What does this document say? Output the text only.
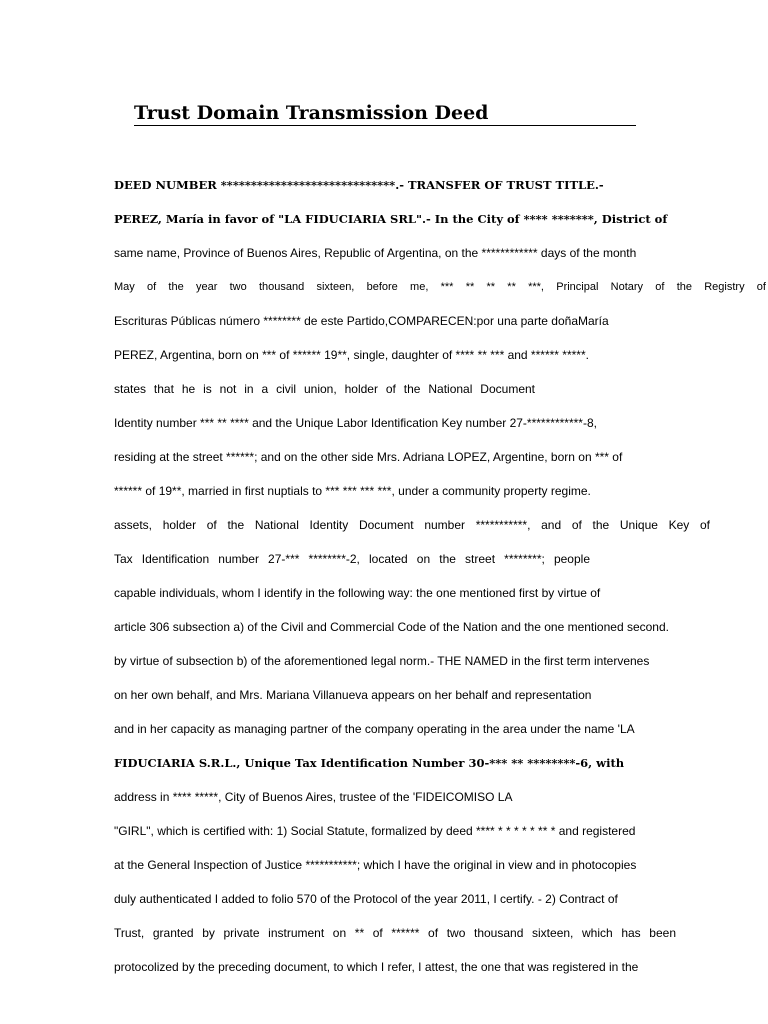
Trust Domain Transmission Deed

DEED NUMBER *****************************.- TRANSFER OF TRUST TITLE.-

PEREZ, María in favor of "LA FIDUCIARIA SRL".- In the City of **** *******, District of

same name, Province of Buenos Aires, Republic of Argentina, on the ************ days of the month

May of the year two thousand sixteen, before me, *** ** ** ** ***, Principal Notary of the Registry of

Escrituras Públicas número ******** de este Partido,COMPARECEN:por una parte doñaMaría

PEREZ, Argentina, born on *** of ****** 19**, single, daughter of **** ** *** and ****** *****.

states that he is not in a civil union, holder of the National Document

Identity number *** ** **** and the Unique Labor Identification Key number 27-************-8,

residing at the street ******; and on the other side Mrs. Adriana LOPEZ, Argentine, born on *** of

****** of 19**, married in first nuptials to *** *** *** ***, under a community property regime.

assets, holder of the National Identity Document number ***********, and of the Unique Key of

Tax Identification number 27-*** ********-2, located on the street ********; people

capable individuals, whom I identify in the following way: the one mentioned first by virtue of

article 306 subsection a) of the Civil and Commercial Code of the Nation and the one mentioned second.

by virtue of subsection b) of the aforementioned legal norm.- THE NAMED in the first term intervenes

on her own behalf, and Mrs. Mariana Villanueva appears on her behalf and representation

and in her capacity as managing partner of the company operating in the area under the name 'LA

FIDUCIARIA S.R.L., Unique Tax Identification Number 30-*** ** ********-6, with

address in **** *****, City of Buenos Aires, trustee of the 'FIDEICOMISO LA

"GIRL", which is certified with: 1) Social Statute, formalized by deed **** * * * * * ** * and registered

at the General Inspection of Justice ***********; which I have the original in view and in photocopies

duly authenticated I added to folio 570 of the Protocol of the year 2011, I certify. - 2) Contract of

Trust, granted by private instrument on ** of ****** of two thousand sixteen, which has been

protocolized by the preceding document, to which I refer, I attest, the one that was registered in the
